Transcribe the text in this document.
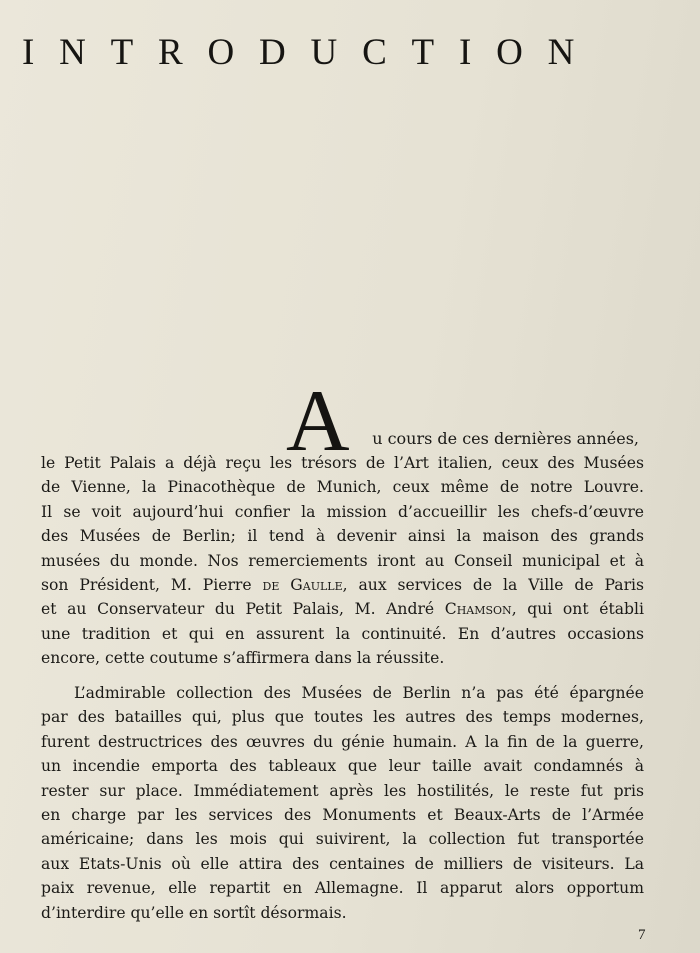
INTRODUCTION
A	u cours de ces dernières années,
le Petit Palais a déjà reçu les trésors de l’Art italien, ceux des Musées
de Vienne, la Pinacothèque de Munich, ceux même de notre Louvre.
Il se voit aujourd’hui confier la mission d’accueillir les chefs-d’œuvre
des Musées de Berlin; il tend à devenir ainsi la maison des grands
musées du monde. Nos remerciements iront au Conseil municipal et à
son Président, M. Pierre de Gaulle, aux services de la Ville de Paris
et au Conservateur du Petit Palais, M. André Chamson, qui ont établi
une tradition et qui en assurent la continuité. En d’autres occasions
encore, cette coutume s’affirmera dans la réussite.
L’admirable collection des Musées de Berlin n’a pas été épargnée
par des batailles qui, plus que toutes les autres des temps modernes,
furent destructrices des œuvres du génie humain. A la fin de la guerre,
un incendie emporta des tableaux que leur taille avait condamnés à
rester sur place. Immédiatement après les hostilités, le reste fut pris
en charge par les services des Monuments et Beaux-Arts de l’Armée
américaine; dans les mois qui suivirent, la collection fut transportée
aux Etats-Unis où elle attira des centaines de milliers de visiteurs. La
paix revenue, elle repartit en Allemagne. Il apparut alors opportum
d’interdire qu’elle en sortît désormais.
7
